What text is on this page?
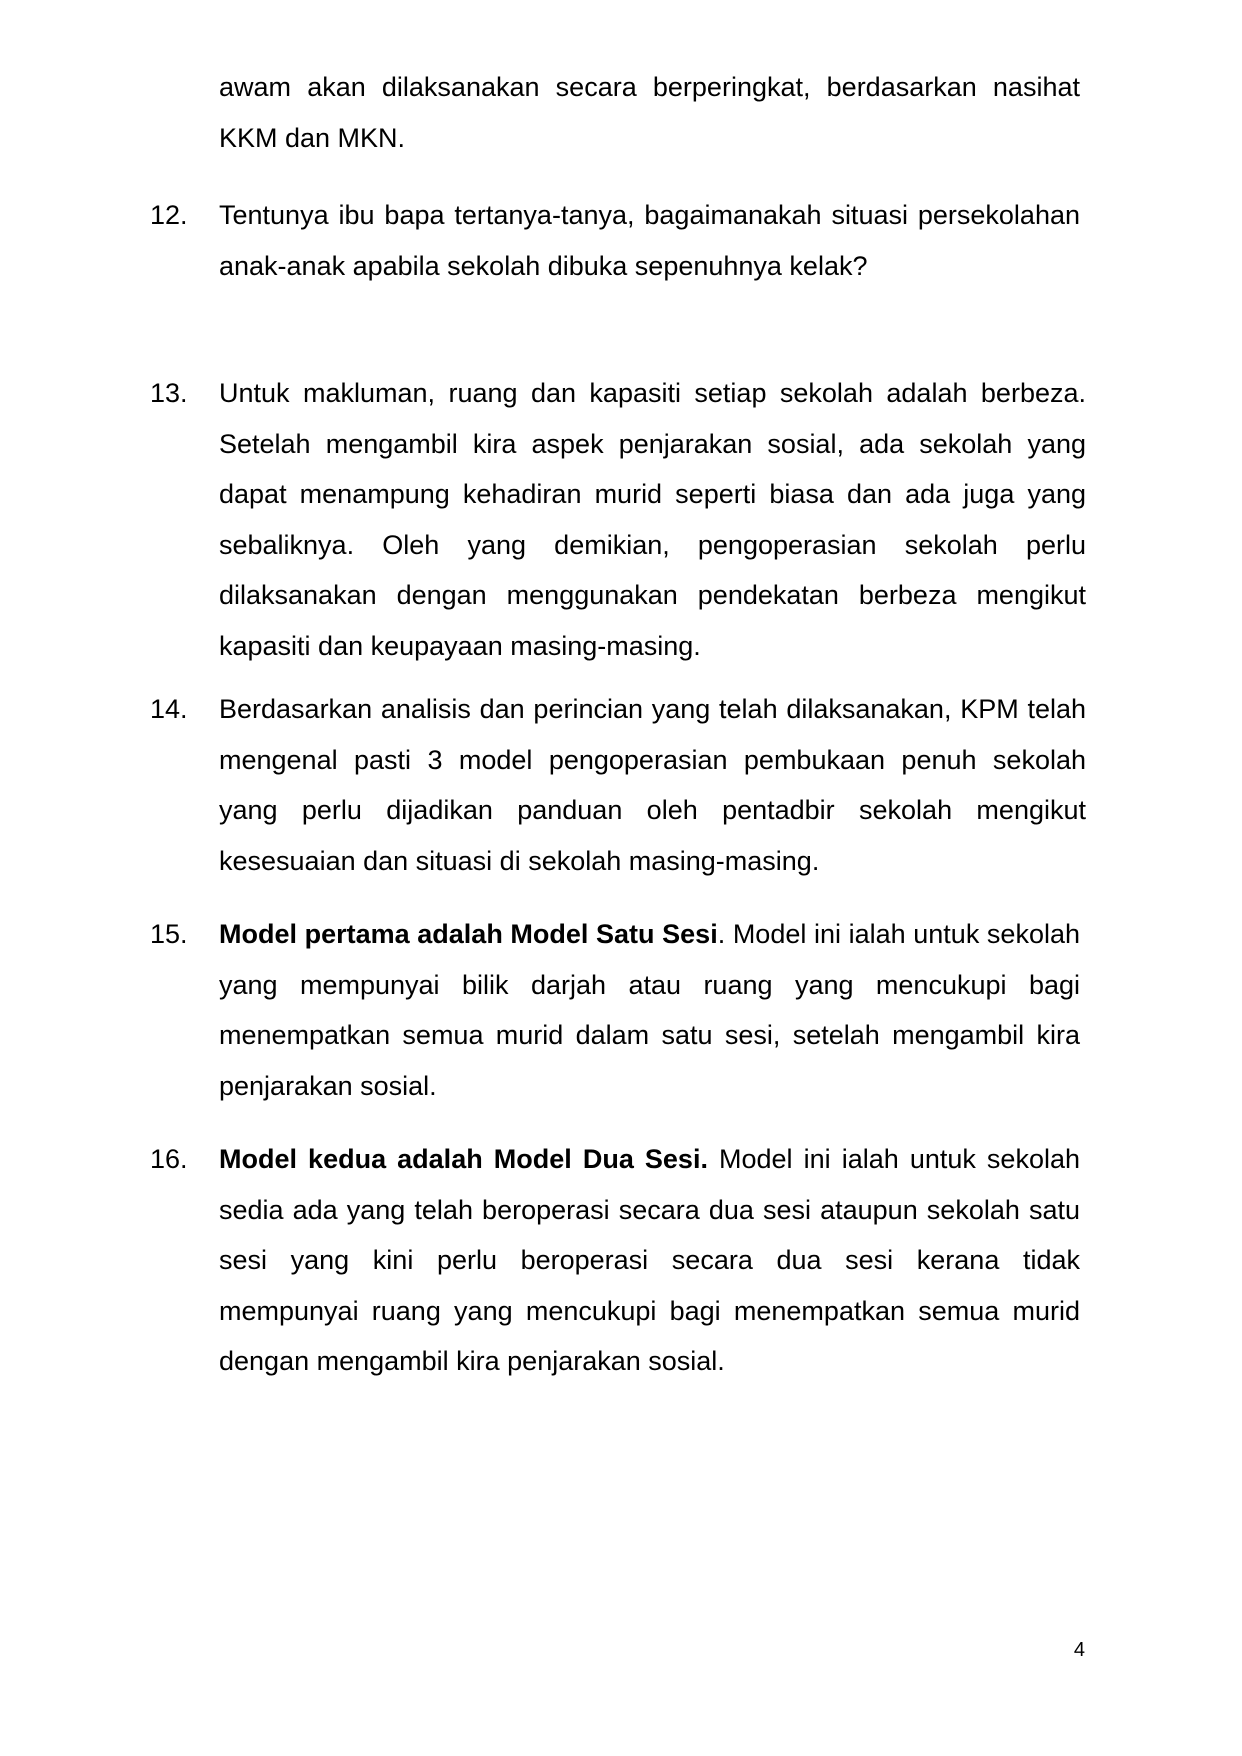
awam akan dilaksanakan secara berperingkat, berdasarkan nasihat KKM dan MKN.
12.	Tentunya ibu bapa tertanya-tanya, bagaimanakah situasi persekolahan anak-anak apabila sekolah dibuka sepenuhnya kelak?
13.	Untuk makluman, ruang dan kapasiti setiap sekolah adalah berbeza. Setelah mengambil kira aspek penjarakan sosial, ada sekolah yang dapat menampung kehadiran murid seperti biasa dan ada juga yang sebaliknya. Oleh yang demikian, pengoperasian sekolah perlu dilaksanakan dengan menggunakan pendekatan berbeza mengikut kapasiti dan keupayaan masing-masing.
14.	Berdasarkan analisis dan perincian yang telah dilaksanakan, KPM telah mengenal pasti 3 model pengoperasian pembukaan penuh sekolah yang perlu dijadikan panduan oleh pentadbir sekolah mengikut kesesuaian dan situasi di sekolah masing-masing.
15.	Model pertama adalah Model Satu Sesi. Model ini ialah untuk sekolah yang mempunyai bilik darjah atau ruang yang mencukupi bagi menempatkan semua murid dalam satu sesi, setelah mengambil kira penjarakan sosial.
16.	Model kedua adalah Model Dua Sesi. Model ini ialah untuk sekolah sedia ada yang telah beroperasi secara dua sesi ataupun sekolah satu sesi yang kini perlu beroperasi secara dua sesi kerana tidak mempunyai ruang yang mencukupi bagi menempatkan semua murid dengan mengambil kira penjarakan sosial.
4
